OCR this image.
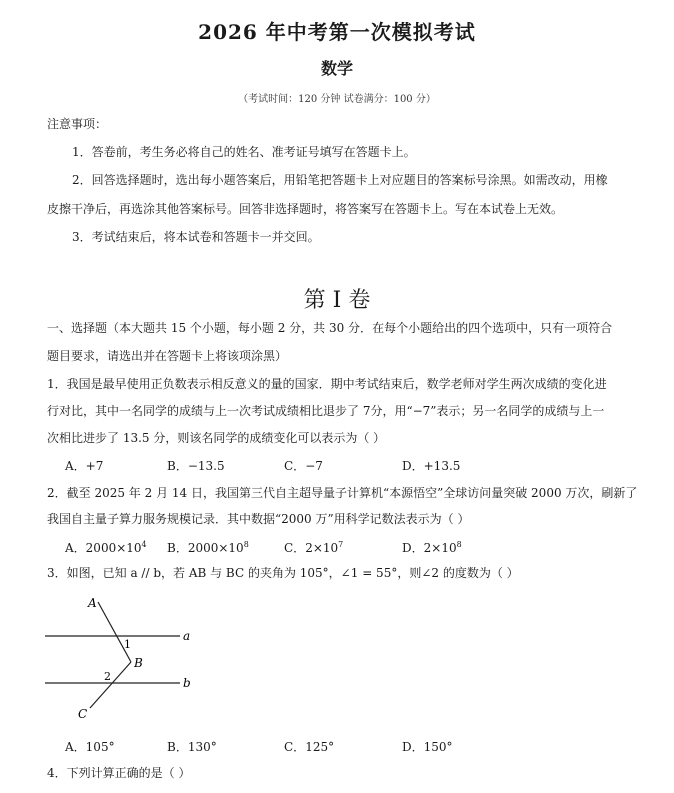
2026 年中考第一次模拟考试
数学
（考试时间：120 分钟 试卷满分：100 分）
注意事项：
1．答卷前，考生务必将自己的姓名、准考证号填写在答题卡上。
2．回答选择题时，选出每小题答案后，用铅笔把答题卡上对应题目的答案标号涂黑。如需改动，用橡
皮擦干净后，再选涂其他答案标号。回答非选择题时，将答案写在答题卡上。写在本试卷上无效。
3．考试结束后，将本试卷和答题卡一并交回。
第 I 卷
一、选择题（本大题共 15 个小题，每小题 2 分，共 30 分．在每个小题给出的四个选项中，只有一项符合
题目要求，请选出并在答题卡上将该项涂黑）
1．我国是最早使用正负数表示相反意义的量的国家．期中考试结束后，数学老师对学生两次成绩的变化进
行对比，其中一名同学的成绩与上一次考试成绩相比退步了 7分，用“−7”表示；另一名同学的成绩与上一
次相比进步了 13.5 分，则该名同学的成绩变化可以表示为（ ）
A．+7	B．−13.5	C．−7	D．+13.5
2．截至 2025 年 2 月 14 日，我国第三代自主超导量子计算机“本源悟空”全球访问量突破 2000 万次，刷新了
我国自主量子算力服务规模记录．其中数据“2000 万”用科学记数法表示为（ ）
A．$2000\times 10^4$ B．$2000\times 10^8$	C．$2\times 10^7$	D．$2\times 10^8$
3．如图，已知 a // b，若 AB 与 BC 的夹角为 105°，∠1 = 55°，则∠2 的度数为（ ）
A
B
C
a
b
1
2
A．105°	B．130°	C．125°	D．150°
4．下列计算正确的是（ ）
